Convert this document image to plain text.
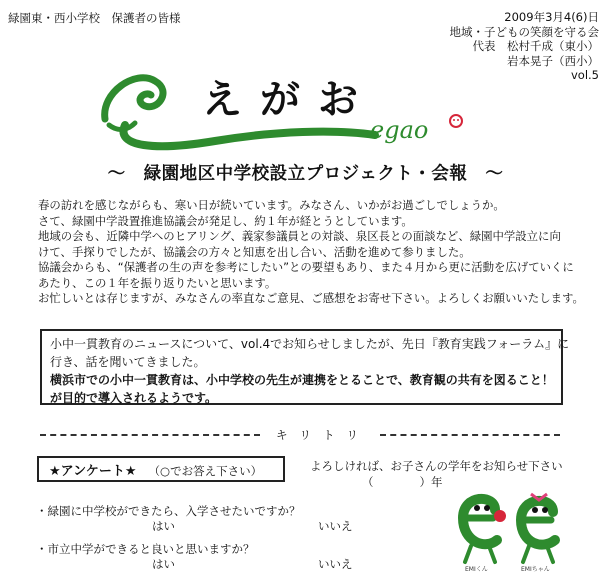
緑園東・西小学校　保護者の皆様	2009年3月4(6)日
地域・子どもの笑顔を守る会
代表　松村千成（東小）
岩本晃子（西小）
vol.5
egao
えがお
～　緑園地区中学校設立プロジェクト・会報　～

春の訪れを感じながらも、寒い日が続いています。みなさん、いかがお過ごしでしょうか。

さて、緑園中学設置推進協議会が発足し、約１年が経とうとしています。

地域の会も、近隣中学へのヒアリング、義家参議員との対談、泉区長との面談など、緑園中学設立に向

けて、手探りでしたが、協議会の方々と知恵を出し合い、活動を進めて参りました。

協議会からも、“保護者の生の声を参考にしたい”との要望もあり、また４月から更に活動を広げていくに

あたり、この１年を振り返りたいと思います。

お忙しいとは存じますが、みなさんの率直なご意見、ご感想をお寄せ下さい。よろしくお願いいたします。

小中一貫教育のニュースについて、vol.4でお知らせしましたが、先日『教育実践フォーラム』に

行き、話を聞いてきました。

横浜市での小中一貫教育は、小中学校の先生が連携をとることで、教育観の共有を図ること！

が目的で導入されるようです。

キリトリ
★アンケート★ （○でお答え下さい）	よろしければ、お子さんの学年をお知らせ下さい
（　　　　）年
・緑園に中学校ができたら、入学させたいですか？
はい	いいえ
・市立中学ができると良いと思いますか？
はい	いいえ	EMIくん	EMIちゃん
